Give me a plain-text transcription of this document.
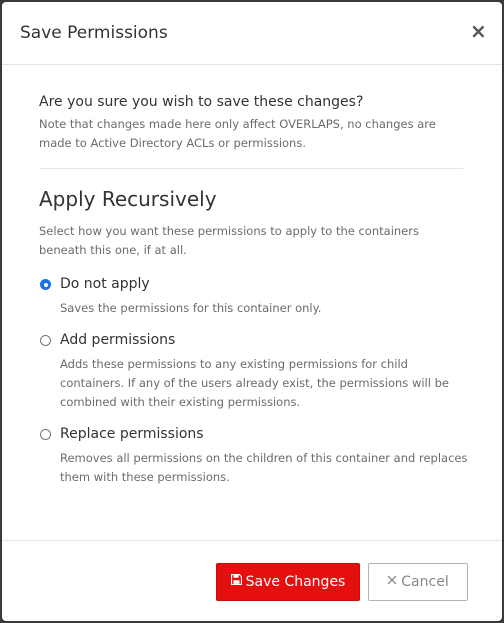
Save Permissions	×
Are you sure you wish to save these changes?
Note that changes made here only affect OVERLAPS, no changes are made to Active Directory ACLs or permissions.
Apply Recursively
Select how you want these permissions to apply to the containers beneath this one, if at all.
Do not apply
Saves the permissions for this container only.
Add permissions
Adds these permissions to any existing permissions for child containers. If any of the users already exist, the permissions will be combined with their existing permissions.
Replace permissions
Removes all permissions on the children of this container and replaces them with these permissions.
Save Changes	Cancel
